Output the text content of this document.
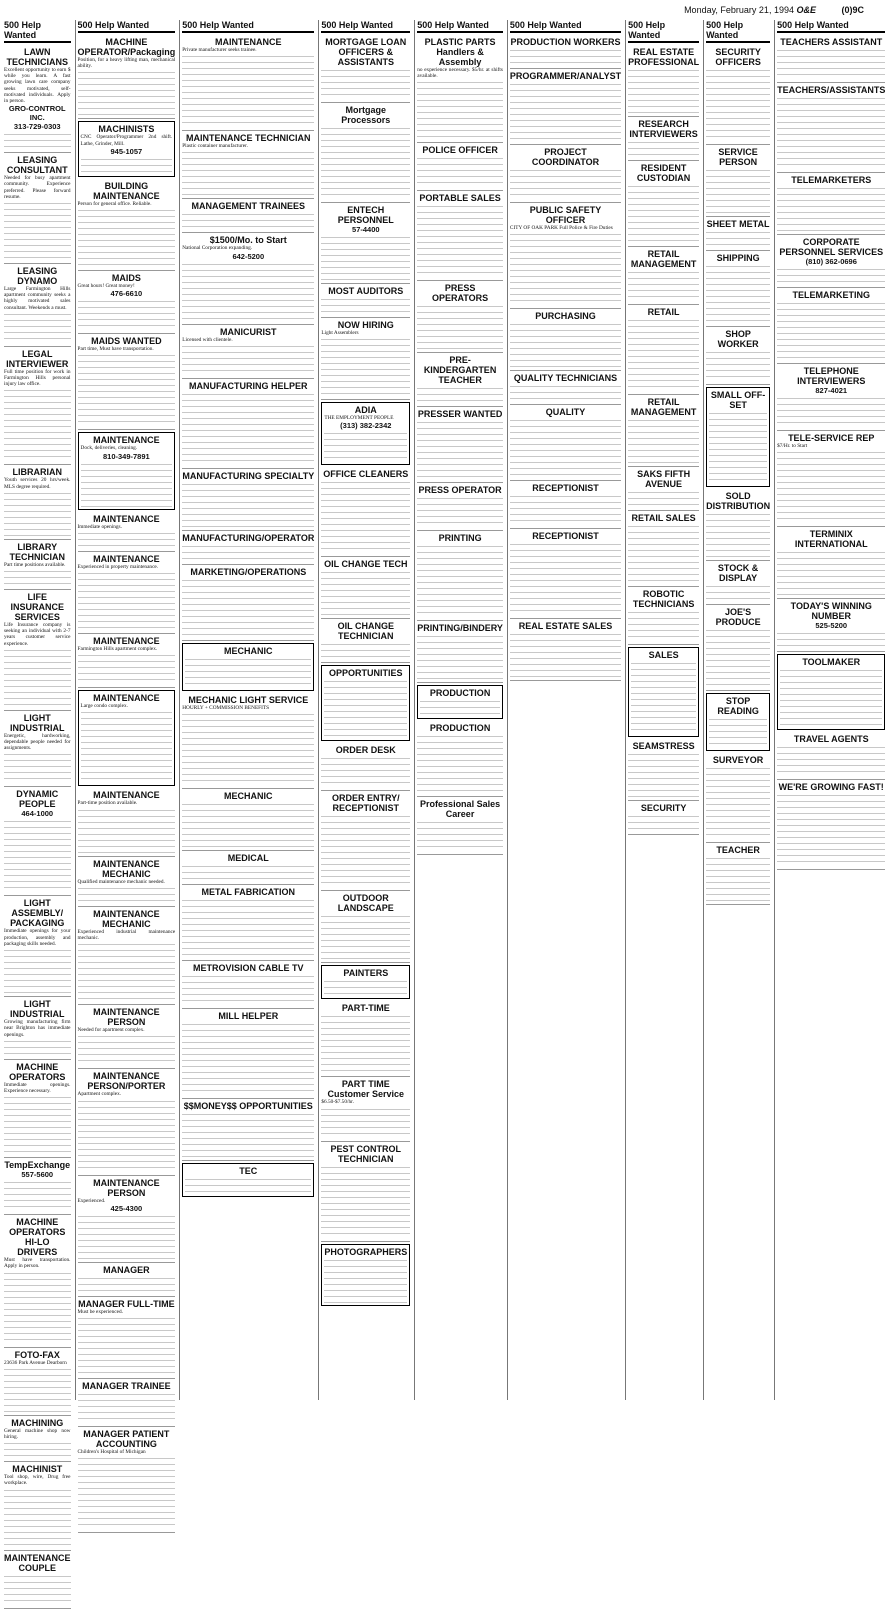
Monday, February 21, 1994 O&E	(0)9C
500 Help Wanted
LAWN TECHNICIANS

Excellent opportunity to earn $ while you learn. A fast growing lawn care company seeks motivated, self-motivated individuals. Apply in person.

GRO-CONTROL INC.
313-729-0303
LEASING CONSULTANT

Needed for busy apartment community. Experience preferred. Please forward resume.

LEASING DYNAMO

Large Farmington Hills apartment community seeks a highly motivated sales consultant. Weekends a must.

LEGAL INTERVIEWER

Full time position for work in Farmington Hills personal injury law office.

LIBRARIAN

Youth services 20 hrs/week. MLS degree required.

LIBRARY TECHNICIAN

Part time positions available.

LIFE INSURANCE SERVICES

Life Insurance company is seeking an individual with 2-7 years customer service experience.

LIGHT INDUSTRIAL

Energetic, hardworking, dependable people needed for assignments.

DYNAMIC PEOPLE
464-1000
LIGHT ASSEMBLY/ PACKAGING

Immediate openings for your production, assembly and packaging skills needed.

LIGHT INDUSTRIAL

Growing manufacturing firm near Brighton has immediate openings.

MACHINE OPERATORS

Immediate openings. Experience necessary.

TempExchange
557-5600
MACHINE OPERATORS HI-LO DRIVERS

Must have transportation. Apply in person.

FOTO-FAX

23636 Park Avenue Dearborn

MACHINING

General machine shop now hiring.

MACHINIST

Tool shop, wire, Drug free workplace.

MAINTENANCE COUPLE
500 Help Wanted
MACHINE OPERATOR/Packaging

Position, for a heavy lifting man, mechanical ability.

MACHINISTS

CNC Operator/Programmer 2nd shift. Lathe, Grinder, Mill.

945-1057
BUILDING MAINTENANCE

Person for general office. Reliable.

MAIDS

Great hours! Great money!

476-6610
MAIDS WANTED

Part time, Must have transportation.

MAINTENANCE

Dock, deliveries, cleaning.

810-349-7891
MAINTENANCE

Immediate openings.

MAINTENANCE

Experienced in property maintenance.

MAINTENANCE

Farmington Hills apartment complex.

MAINTENANCE

Large condo complex.

MAINTENANCE

Part-time position available.

MAINTENANCE MECHANIC

Qualified maintenance mechanic needed.

MAINTENANCE MECHANIC

Experienced industrial maintenance mechanic.

MAINTENANCE PERSON

Needed for apartment complex.

MAINTENANCE PERSON/PORTER

Apartment complex.

MAINTENANCE PERSON

Experienced.

425-4300
MANAGER
MANAGER FULL-TIME

Must be experienced.

MANAGER TRAINEE
MANAGER PATIENT ACCOUNTING

Children's Hospital of Michigan

500 Help Wanted
MAINTENANCE

Private manufacturer seeks trainee.

MAINTENANCE TECHNICIAN

Plastic container manufacturer.

MANAGEMENT TRAINEES
$1500/Mo. to Start

National Corporation expanding.

642-5200
MANICURIST

Licensed with clientele.

MANUFACTURING HELPER
MANUFACTURING SPECIALTY
MANUFACTURING/OPERATOR
MARKETING/OPERATIONS
MECHANIC
MECHANIC LIGHT SERVICE

HOURLY + COMMISSION BENEFITS

MECHANIC
MEDICAL
METAL FABRICATION
METROVISION CABLE TV
MILL HELPER
$$MONEY$$ OPPORTUNITIES
TEC
500 Help Wanted
MORTGAGE LOAN OFFICERS & ASSISTANTS
Mortgage Processors
ENTECH PERSONNEL
57-4400
MOST AUDITORS
NOW HIRING

Light Assemblers

ADIA

THE EMPLOYMENT PEOPLE

(313) 382-2342
OFFICE CLEANERS
OIL CHANGE TECH
OIL CHANGE TECHNICIAN
OPPORTUNITIES
ORDER DESK
ORDER ENTRY/ RECEPTIONIST
OUTDOOR LANDSCAPE
PAINTERS
PART-TIME
PART TIME Customer Service

$6.50-$7.50/hr.

PEST CONTROL TECHNICIAN
PHOTOGRAPHERS
500 Help Wanted
PLASTIC PARTS Handlers & Assembly

no experience necessary. $5/hr. at shifts available.

POLICE OFFICER
PORTABLE SALES
PRESS OPERATORS
PRE-KINDERGARTEN TEACHER
PRESSER WANTED
PRESS OPERATOR
PRINTING
PRINTING/BINDERY
PRODUCTION
PRODUCTION
Professional Sales Career
500 Help Wanted
PRODUCTION WORKERS
PROGRAMMER/ANALYST
PROJECT COORDINATOR
PUBLIC SAFETY OFFICER

CITY OF OAK PARK Full Police & Fire Duties

PURCHASING
QUALITY TECHNICIANS
QUALITY
RECEPTIONIST
RECEPTIONIST
REAL ESTATE SALES
500 Help Wanted
REAL ESTATE PROFESSIONAL
RESEARCH INTERVIEWERS
RESIDENT CUSTODIAN
RETAIL MANAGEMENT
RETAIL
RETAIL MANAGEMENT
SAKS FIFTH AVENUE
RETAIL SALES
ROBOTIC TECHNICIANS
SALES
SEAMSTRESS
SECURITY
500 Help Wanted
SECURITY OFFICERS
SERVICE PERSON
SHEET METAL
SHIPPING
SHOP WORKER
SMALL OFF-SET
SOLD DISTRIBUTION
STOCK & DISPLAY
JOE'S PRODUCE
STOP READING
SURVEYOR
TEACHER
500 Help Wanted
TEACHERS ASSISTANT
TEACHERS/ASSISTANTS
TELEMARKETERS
CORPORATE PERSONNEL SERVICES
(810) 362-0696
TELEMARKETING
TELEPHONE INTERVIEWERS
827-4021
TELE-SERVICE REP

$7/Hr. to Start

TERMINIX INTERNATIONAL
TODAY'S WINNING NUMBER
525-5200
TOOLMAKER
TRAVEL AGENTS
WE'RE GROWING FAST!
